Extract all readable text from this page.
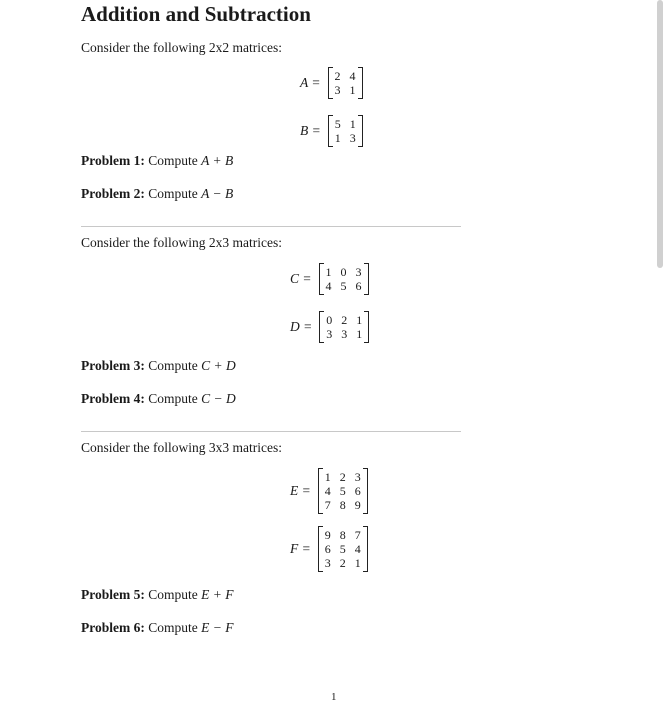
Addition and Subtraction
Consider the following 2x2 matrices:
A = 2 4
3 1
B = 5 1
1 3
Problem 1: Compute A + B
Problem 2: Compute A − B
Consider the following 2x3 matrices:
C = 1 0 3
4 5 6
D = 0 2 1
3 3 1
Problem 3: Compute C + D
Problem 4: Compute C − D
Consider the following 3x3 matrices:
E =
1 2 3
4 5 6
7 8 9
F =
9 8 7
6 5 4
3 2 1
Problem 5: Compute E + F
Problem 6: Compute E − F
1
